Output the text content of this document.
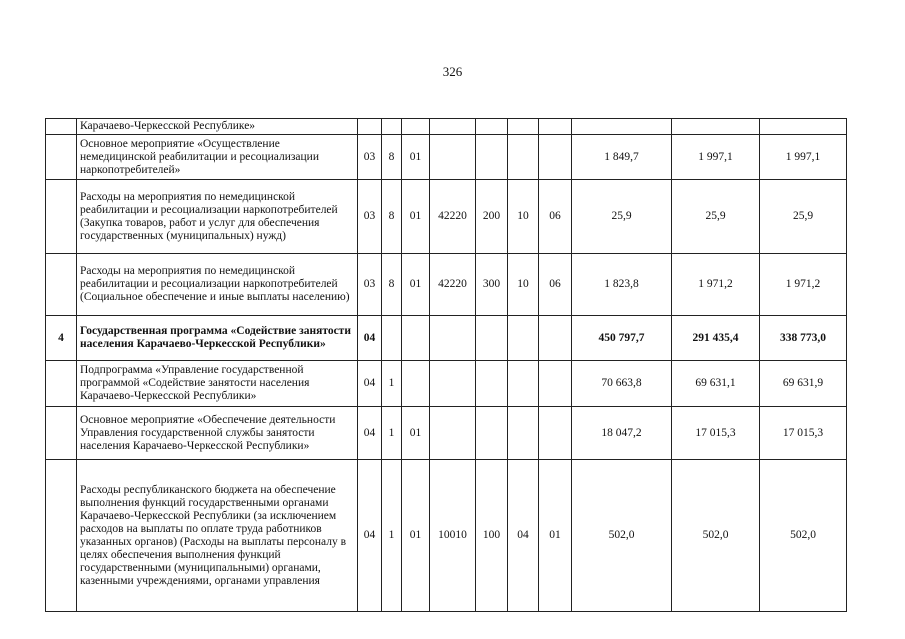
326
	Карачаево-Черкесской Республике»										
	Основное мероприятие «Осуществление немедицинской реабилитации и ресоциализации наркопотребителей»	03	8	01					1 849,7	1 997,1	1 997,1
	Расходы на мероприятия по немедицинской реабилитации и ресоциализации наркопотребителей (Закупка товаров, работ и услуг для обеспечения государственных (муниципальных) нужд)	03	8	01	42220	200	10	06	25,9	25,9	25,9
	Расходы на мероприятия по немедицинской реабилитации и ресоциализации наркопотребителей (Социальное обеспечение и иные выплаты населению)	03	8	01	42220	300	10	06	1 823,8	1 971,2	1 971,2
4	Государственная программа «Содействие занятости населения Карачаево-Черкесской Республики»	04							450 797,7	291 435,4	338 773,0
	Подпрограмма «Управление государственной программой «Содействие занятости населения Карачаево-Черкесской Республики»	04	1						70 663,8	69 631,1	69 631,9
	Основное мероприятие «Обеспечение деятельности Управления государственной службы занятости населения Карачаево-Черкесской Республики»	04	1	01					18 047,2	17 015,3	17 015,3
	Расходы республиканского бюджета на обеспечение выполнения функций государственными органами Карачаево-Черкесской Республики (за исключением расходов на выплаты по оплате труда работников указанных органов) (Расходы на выплаты персоналу в целях обеспечения выполнения функций государственными (муниципальными) органами, казенными учреждениями, органами управления	04	1	01	10010	100	04	01	502,0	502,0	502,0
